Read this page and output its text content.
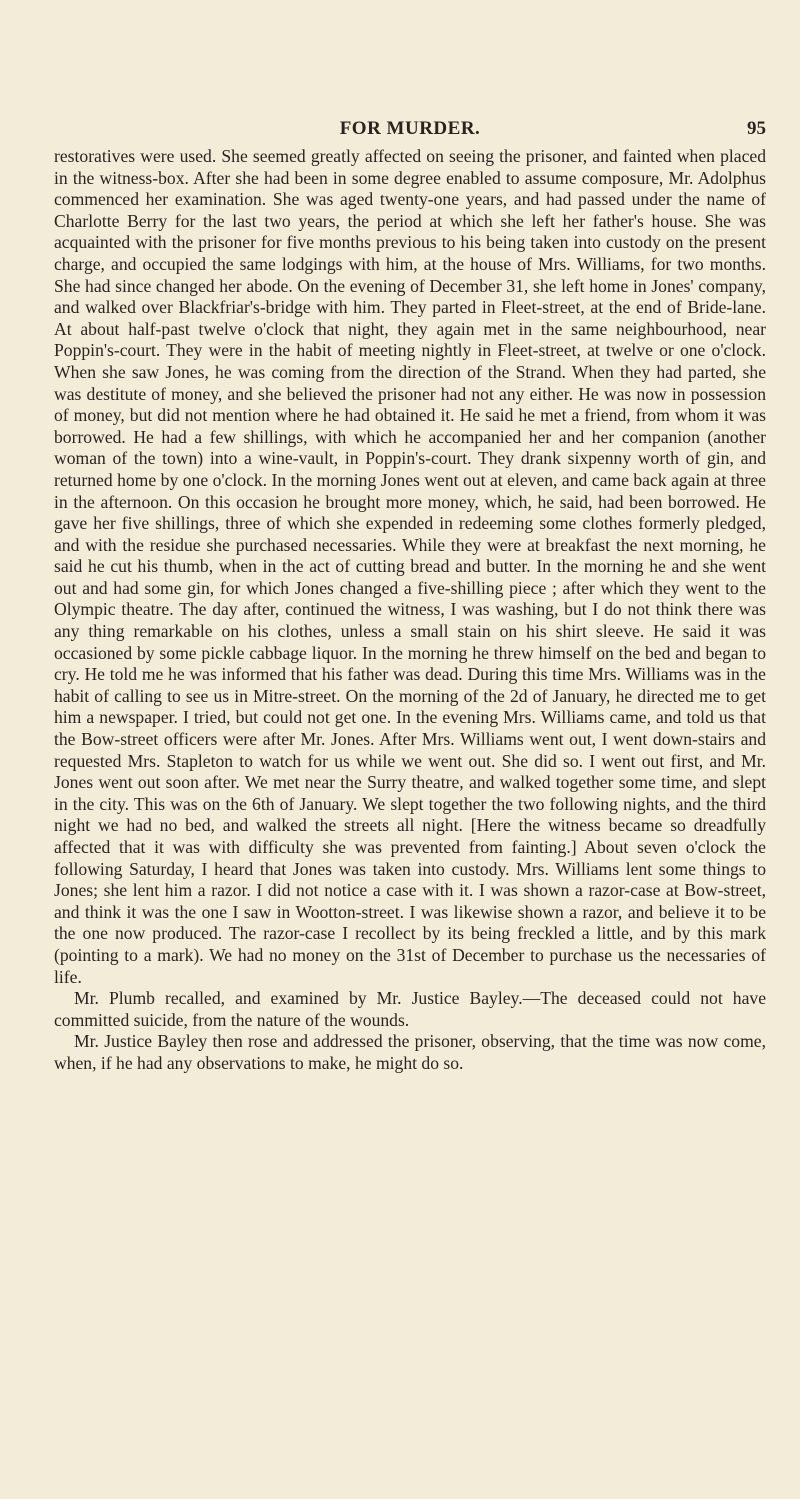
FOR MURDER.	95

restoratives were used. She seemed greatly affected on seeing the prisoner, and fainted when placed in the witness-box. After she had been in some degree enabled to assume composure, Mr. Adolphus commenced her examination. She was aged twenty-one years, and had passed under the name of Charlotte Berry for the last two years, the period at which she left her father's house. She was acquainted with the prisoner for five months previous to his being taken into custody on the present charge, and occupied the same lodgings with him, at the house of Mrs. Williams, for two months. She had since changed her abode. On the evening of December 31, she left home in Jones' company, and walked over Blackfriar's-bridge with him. They parted in Fleet-street, at the end of Bride-lane. At about half-past twelve o'clock that night, they again met in the same neighbourhood, near Poppin's-court. They were in the habit of meeting nightly in Fleet-street, at twelve or one o'clock. When she saw Jones, he was coming from the direction of the Strand. When they had parted, she was destitute of money, and she believed the prisoner had not any either. He was now in possession of money, but did not mention where he had obtained it. He said he met a friend, from whom it was borrowed. He had a few shillings, with which he accompanied her and her companion (another woman of the town) into a wine-vault, in Poppin's-court. They drank sixpenny worth of gin, and returned home by one o'clock. In the morning Jones went out at eleven, and came back again at three in the afternoon. On this occasion he brought more money, which, he said, had been borrowed. He gave her five shillings, three of which she expended in redeeming some clothes formerly pledged, and with the residue she purchased necessaries. While they were at breakfast the next morning, he said he cut his thumb, when in the act of cutting bread and butter. In the morning he and she went out and had some gin, for which Jones changed a five-shilling piece ; after which they went to the Olympic theatre. The day after, continued the witness, I was washing, but I do not think there was any thing remarkable on his clothes, unless a small stain on his shirt sleeve. He said it was occasioned by some pickle cabbage liquor. In the morning he threw himself on the bed and began to cry. He told me he was informed that his father was dead. During this time Mrs. Williams was in the habit of calling to see us in Mitre-street. On the morning of the 2d of January, he directed me to get him a newspaper. I tried, but could not get one. In the evening Mrs. Williams came, and told us that the Bow-street officers were after Mr. Jones. After Mrs. Williams went out, I went down-stairs and requested Mrs. Stapleton to watch for us while we went out. She did so. I went out first, and Mr. Jones went out soon after. We met near the Surry theatre, and walked together some time, and slept in the city. This was on the 6th of January. We slept together the two following nights, and the third night we had no bed, and walked the streets all night. [Here the witness became so dreadfully affected that it was with difficulty she was prevented from fainting.] About seven o'clock the following Saturday, I heard that Jones was taken into custody. Mrs. Williams lent some things to Jones; she lent him a razor. I did not notice a case with it. I was shown a razor-case at Bow-street, and think it was the one I saw in Wootton-street. I was likewise shown a razor, and believe it to be the one now produced. The razor-case I recollect by its being freckled a little, and by this mark (pointing to a mark). We had no money on the 31st of December to purchase us the necessaries of life.

Mr. Plumb recalled, and examined by Mr. Justice Bayley.—The deceased could not have committed suicide, from the nature of the wounds.

Mr. Justice Bayley then rose and addressed the prisoner, observing, that the time was now come, when, if he had any observations to make, he might do so.
